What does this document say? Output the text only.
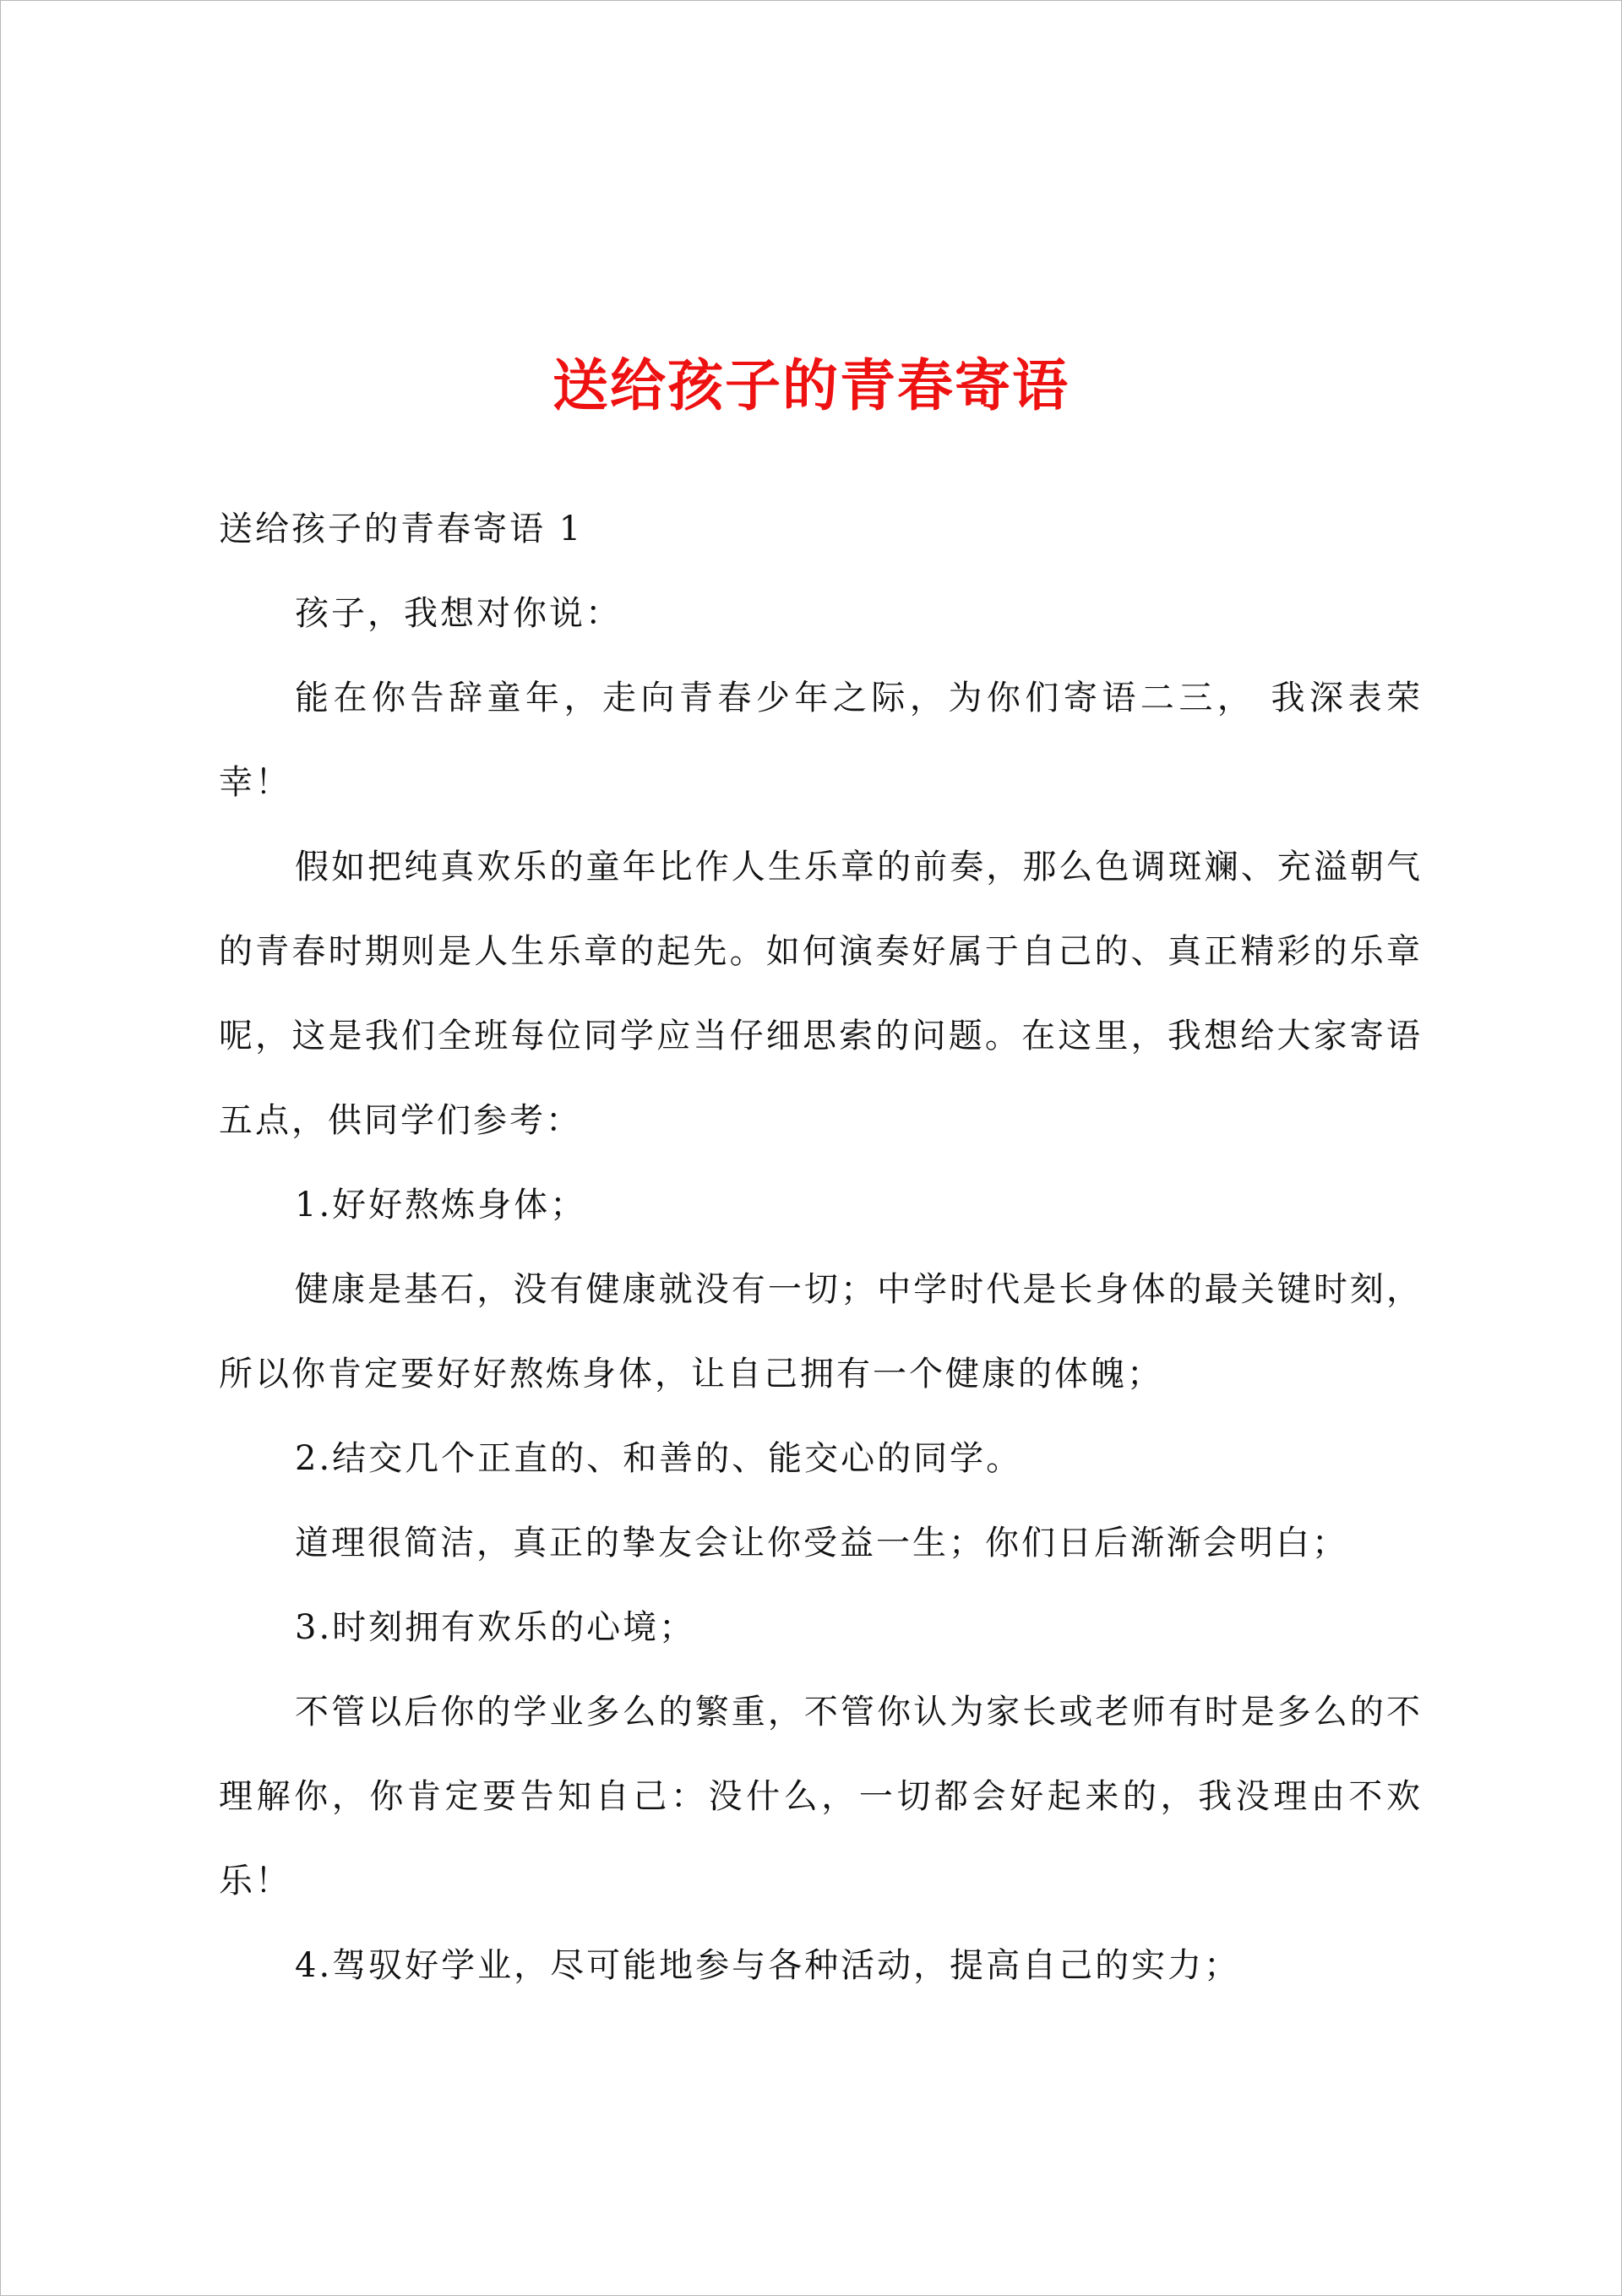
送给孩子的青春寄语

送给孩子的青春寄语 1

孩子，我想对你说：

能在你告辞童年，走向青春少年之际，为你们寄语二三， 我深表荣幸！

假如把纯真欢乐的童年比作人生乐章的前奏，那么色调斑斓、充溢朝气的青春时期则是人生乐章的起先。如何演奏好属于自己的、真正精彩的乐章呢，这是我们全班每位同学应当仔细思索的问题。在这里，我想给大家寄语五点，供同学们参考：

1.好好熬炼身体；

健康是基石，没有健康就没有一切；中学时代是长身体的最关键时刻，所以你肯定要好好熬炼身体，让自己拥有一个健康的体魄；

2.结交几个正直的、和善的、能交心的同学。

道理很简洁，真正的挚友会让你受益一生；你们日后渐渐会明白；

3.时刻拥有欢乐的心境；

不管以后你的学业多么的繁重，不管你认为家长或老师有时是多么的不理解你，你肯定要告知自己：没什么，一切都会好起来的，我没理由不欢乐！

4.驾驭好学业，尽可能地参与各种活动，提高自己的实力；
